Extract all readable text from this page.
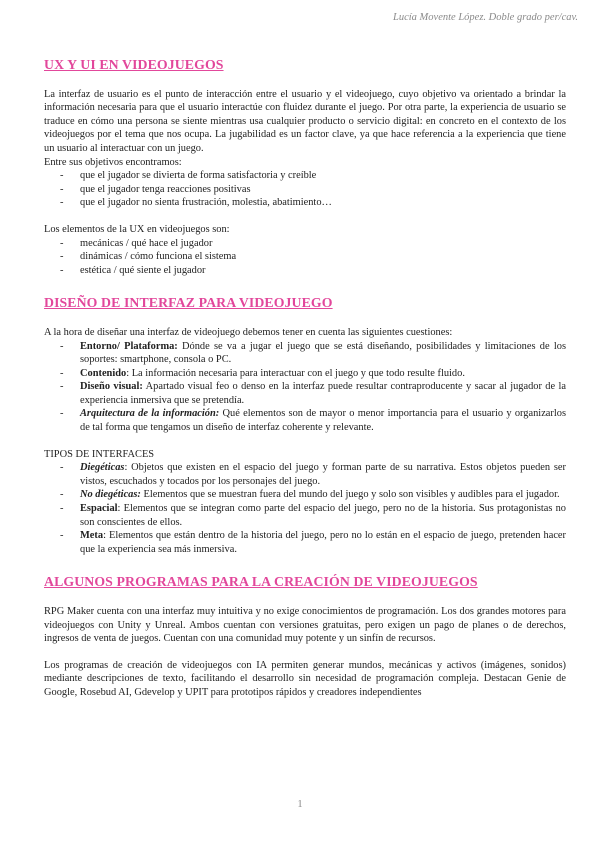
Lucía Movente López. Doble grado per/cav.
UX Y UI EN VIDEOJUEGOS

La interfaz de usuario es el punto de interacción entre el usuario y el videojuego, cuyo objetivo va orientado a brindar la información necesaria para que el usuario interactúe con fluidez durante el juego. Por otra parte, la experiencia de usuario se traduce en cómo una persona se siente mientras usa cualquier producto o servicio digital: en concreto en el contexto de los videojuegos por el tema que nos ocupa. La jugabilidad es un factor clave, ya que hace referencia a la experiencia que tiene un usuario al interactuar con un juego.

Entre sus objetivos encontramos:

- que el jugador se divierta de forma satisfactoria y creíble
- que el jugador tenga reacciones positivas
- que el jugador no sienta frustración, molestia, abatimiento…

Los elementos de la UX en videojuegos son:

- mecánicas / qué hace el jugador
- dinámicas / cómo funciona el sistema
- estética / qué siente el jugador
DISEÑO DE INTERFAZ PARA VIDEOJUEGO

A la hora de diseñar una interfaz de videojuego debemos tener en cuenta las siguientes cuestiones:

- Entorno/ Plataforma: Dónde se va a jugar el juego que se está diseñando, posibilidades y limitaciones de los soportes: smartphone, consola o PC.
- Contenido: La información necesaria para interactuar con el juego y que todo resulte fluido.
- Diseño visual: Apartado visual feo o denso en la interfaz puede resultar contraproducente y sacar al jugador de la experiencia inmersiva que se pretendía.
- Arquitectura de la información: Qué elementos son de mayor o menor importancia para el usuario y organizarlos de tal forma que tengamos un diseño de interfaz coherente y relevante.

TIPOS DE INTERFACES

- Diegéticas: Objetos que existen en el espacio del juego y forman parte de su narrativa. Estos objetos pueden ser vistos, escuchados y tocados por los personajes del juego.
- No diegéticas: Elementos que se muestran fuera del mundo del juego y solo son visibles y audibles para el jugador.
- Espacial: Elementos que se integran como parte del espacio del juego, pero no de la historia. Sus protagonistas no son conscientes de ellos.
- Meta: Elementos que están dentro de la historia del juego, pero no lo están en el espacio de juego, pretenden hacer que la experiencia sea más inmersiva.
ALGUNOS PROGRAMAS PARA LA CREACIÓN DE VIDEOJUEGOS

RPG Maker cuenta con una interfaz muy intuitiva y no exige conocimientos de programación. Los dos grandes motores para videojuegos con Unity y Unreal. Ambos cuentan con versiones gratuitas, pero exigen un pago de planes o de derechos, ingresos de venta de juegos. Cuentan con una comunidad muy potente y un sinfín de recursos.

Los programas de creación de videojuegos con IA permiten generar mundos, mecánicas y activos (imágenes, sonidos) mediante descripciones de texto, facilitando el desarrollo sin necesidad de programación compleja. Destacan Genie de Google, Rosebud AI, Gdevelop y UPIT para prototipos rápidos y creadores independientes

1
